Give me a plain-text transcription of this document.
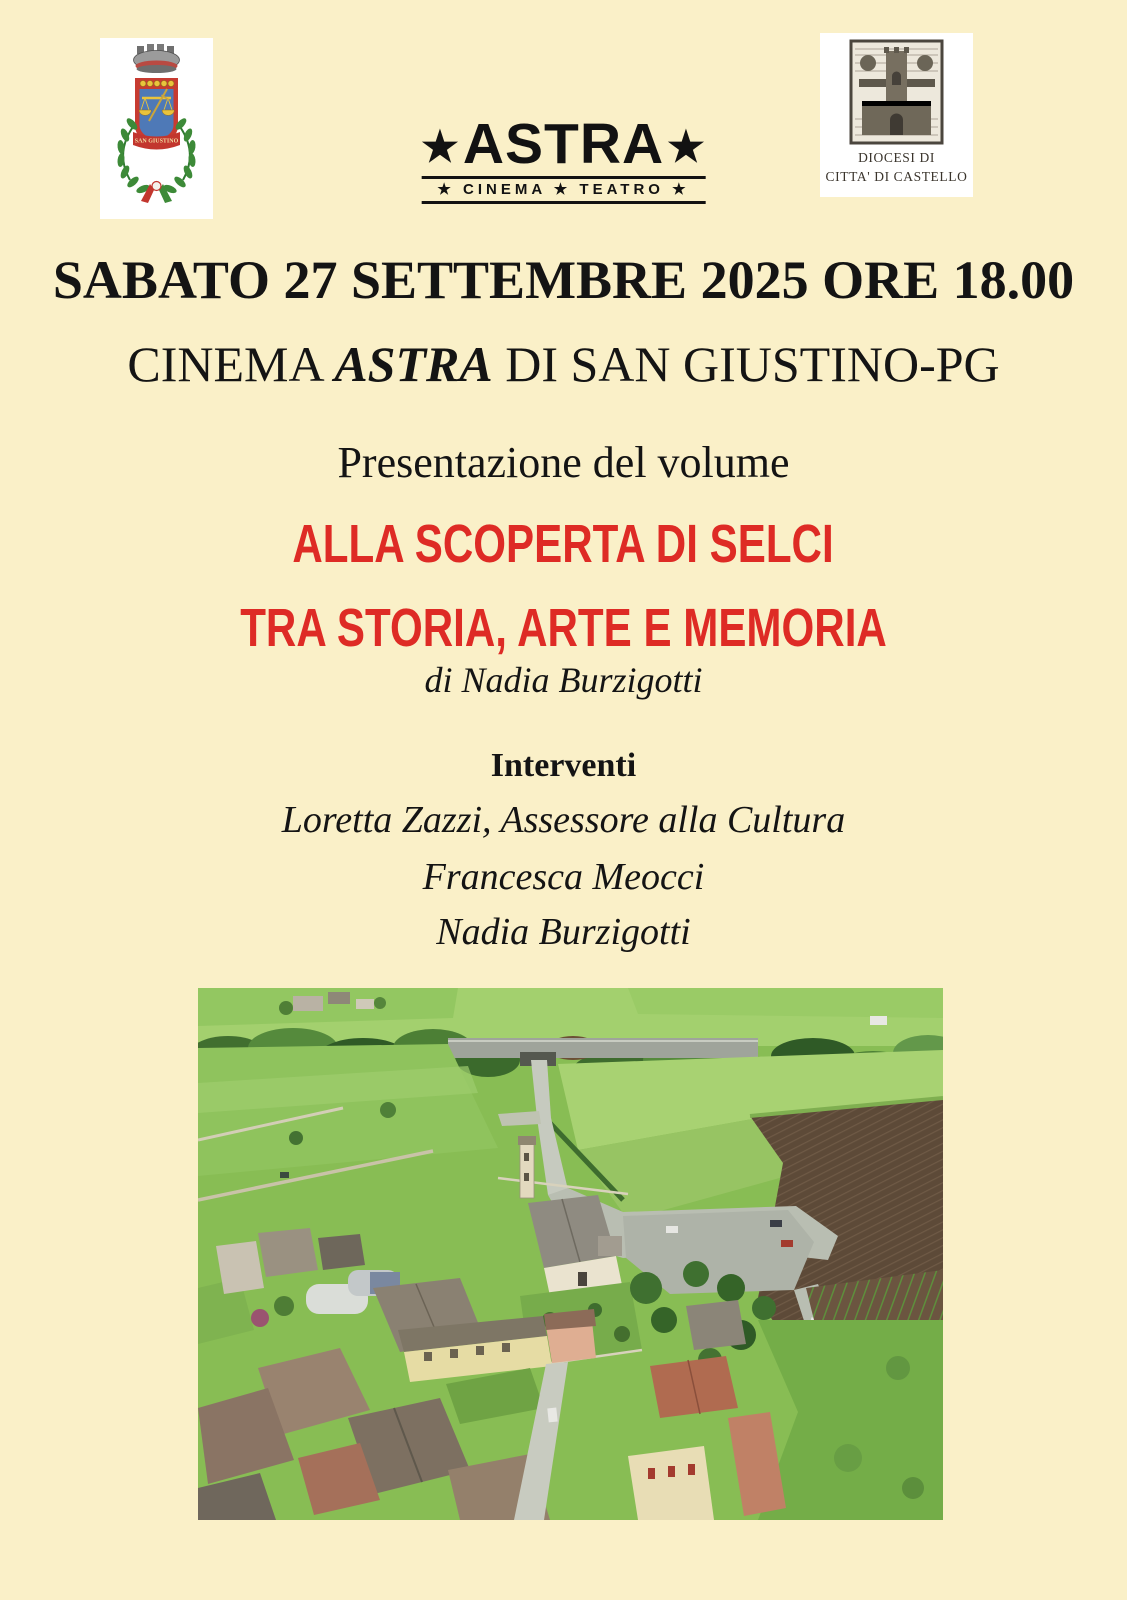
SAN GIUSTINO	★ ASTRA ★
★ CINEMA ★ TEATRO ★
DIOCESI DI
CITTA' DI CASTELLO
SABATO 27 SETTEMBRE 2025 ORE 18.00
CINEMA ASTRA DI SAN GIUSTINO-PG
Presentazione del volume
ALLA SCOPERTA DI SELCI
TRA STORIA, ARTE E MEMORIA
di Nadia Burzigotti
Interventi
Loretta Zazzi, Assessore alla Cultura
Francesca Meocci
Nadia Burzigotti
